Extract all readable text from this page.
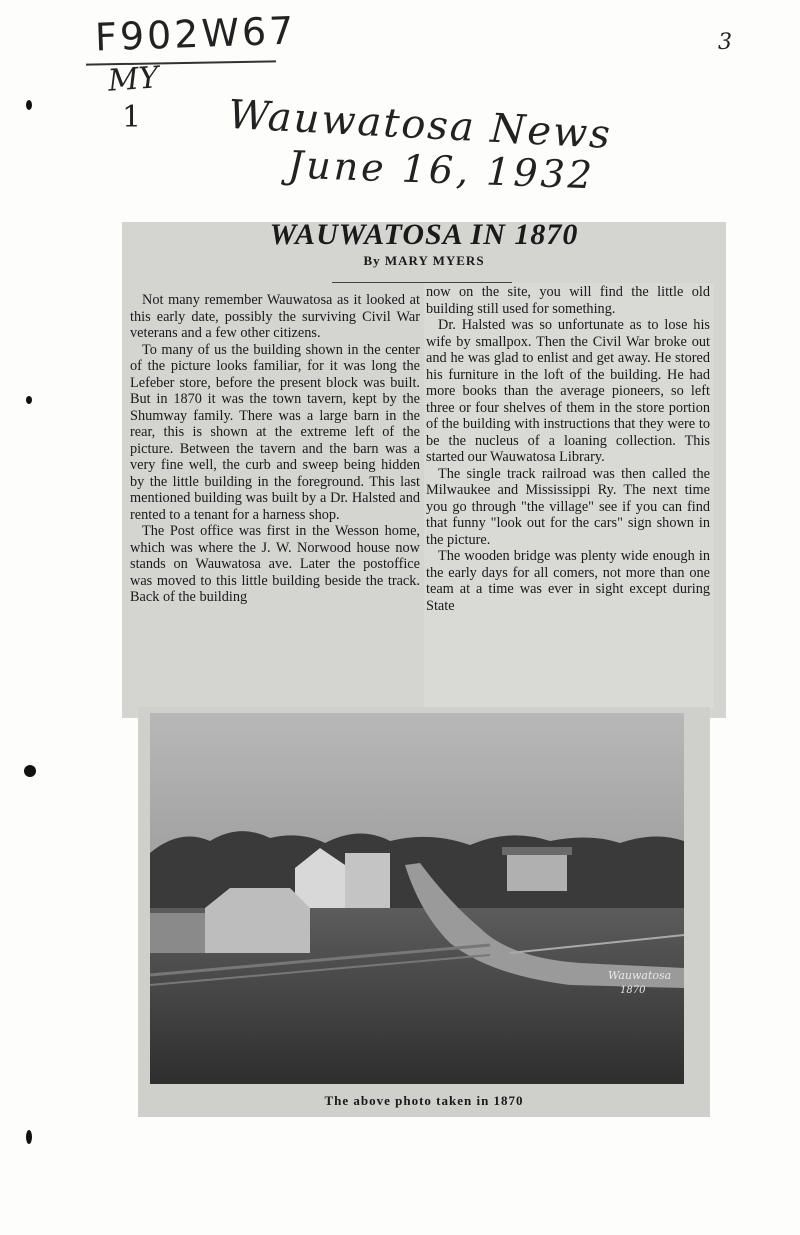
F902W67
MY
1
3
Wauwatosa News
June 16, 1932
WAUWATOSA IN 1870
By MARY MYERS

Not many remember Wauwatosa as it looked at this early date, possibly the surviving Civil War veterans and a few other citizens.

To many of us the building shown in the center of the picture looks familiar, for it was long the Lefeber store, before the present block was built. But in 1870 it was the town tavern, kept by the Shumway family. There was a large barn in the rear, this is shown at the extreme left of the picture. Between the tavern and the barn was a very fine well, the curb and sweep being hidden by the little building in the foreground. This last mentioned building was built by a Dr. Halsted and rented to a tenant for a harness shop.

The Post office was first in the Wesson home, which was where the J. W. Norwood house now stands on Wauwatosa ave. Later the postoffice was moved to this little building beside the track. Back of the building

now on the site, you will find the little old building still used for something.

Dr. Halsted was so unfortunate as to lose his wife by smallpox. Then the Civil War broke out and he was glad to enlist and get away. He stored his furniture in the loft of the building. He had more books than the average pioneers, so left three or four shelves of them in the store portion of the building with instructions that they were to be the nucleus of a loaning collection. This started our Wauwatosa Library.

The single track railroad was then called the Milwaukee and Mississippi Ry. The next time you go through "the village" see if you can find that funny "look out for the cars" sign shown in the picture.

The wooden bridge was plenty wide enough in the early days for all comers, not more than one team at a time was ever in sight except during State

Wauwatosa
1870
The above photo taken in 1870
